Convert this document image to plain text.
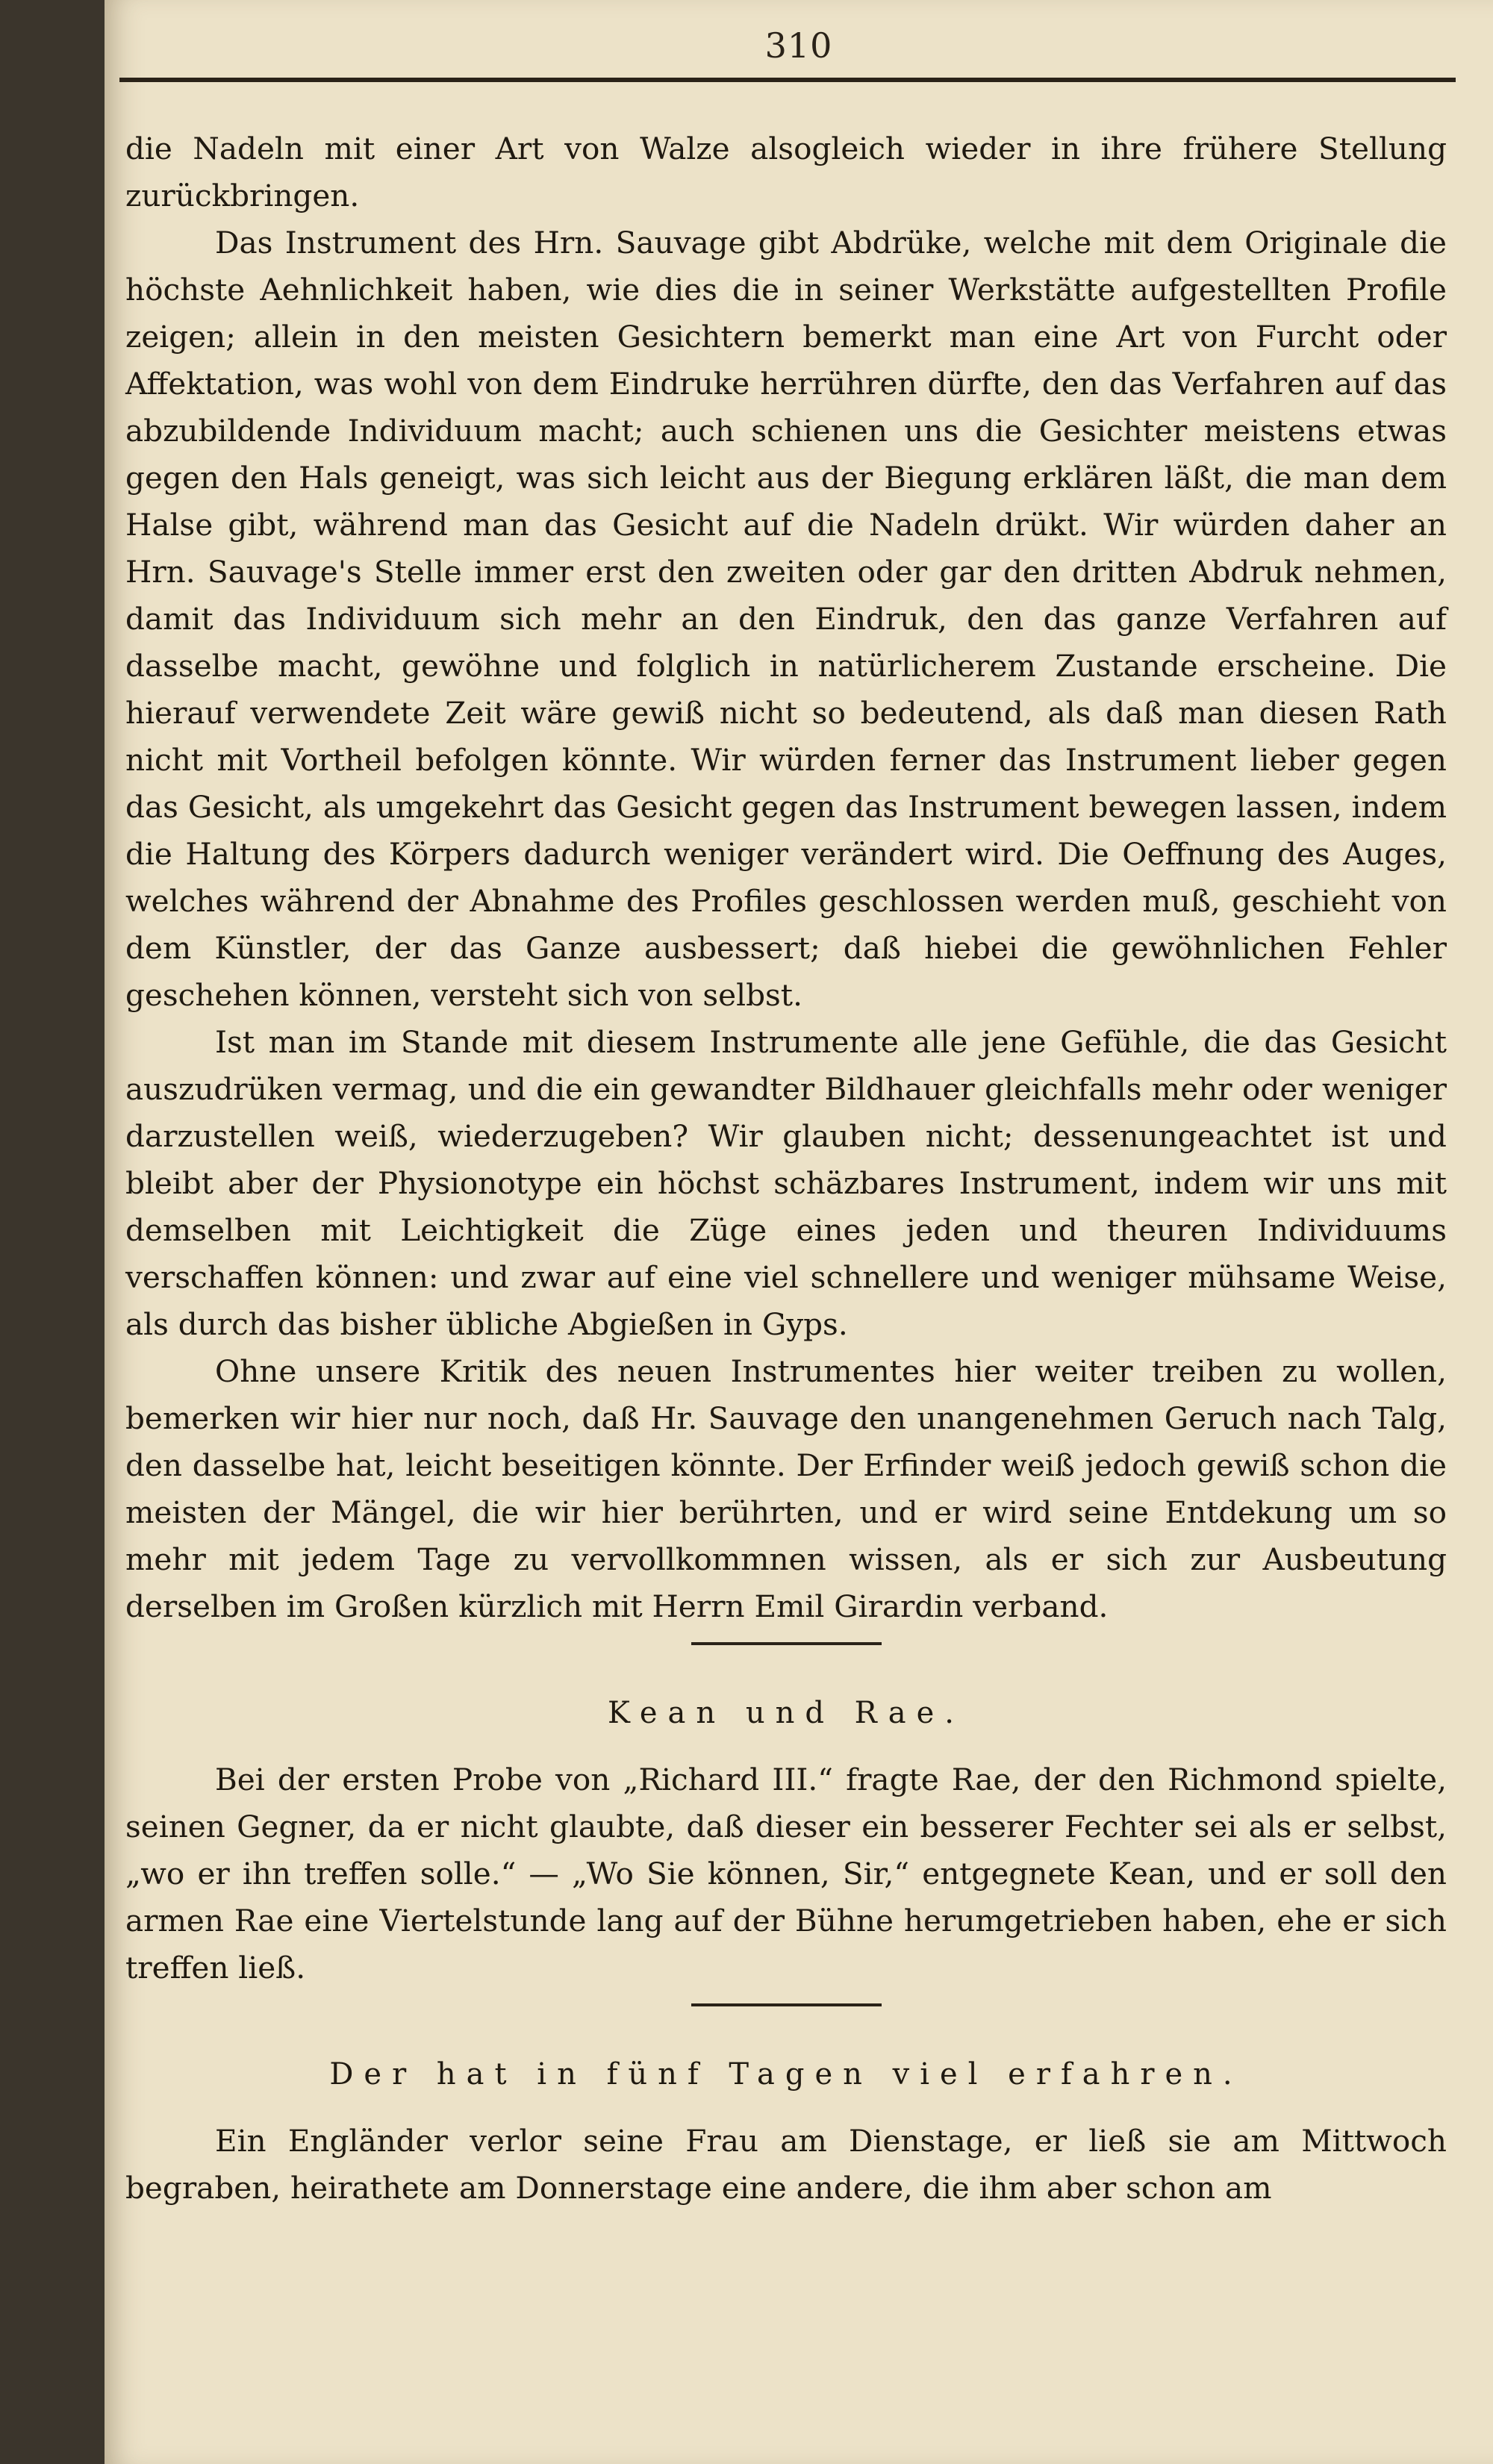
310

die Nadeln mit einer Art von Walze alsogleich wieder in ihre frühere Stellung zurückbringen.

Das Instrument des Hrn. Sauvage gibt Abdrüke, welche mit dem Originale die höchste Aehnlichkeit haben, wie dies die in seiner Werkstätte aufgestellten Profile zeigen; allein in den meisten Gesichtern bemerkt man eine Art von Furcht oder Affektation, was wohl von dem Eindruke herrühren dürfte, den das Verfahren auf das abzubildende Individuum macht; auch schienen uns die Gesichter meistens etwas gegen den Hals geneigt, was sich leicht aus der Biegung erklären läßt, die man dem Halse gibt, während man das Gesicht auf die Nadeln drükt. Wir würden daher an Hrn. Sauvage's Stelle immer erst den zweiten oder gar den dritten Abdruk nehmen, damit das Individuum sich mehr an den Eindruk, den das ganze Verfahren auf dasselbe macht, gewöhne und folglich in natürlicherem Zustande erscheine. Die hierauf verwendete Zeit wäre gewiß nicht so bedeutend, als daß man diesen Rath nicht mit Vortheil befolgen könnte. Wir würden ferner das Instrument lieber gegen das Gesicht, als umgekehrt das Gesicht gegen das Instrument bewegen lassen, indem die Haltung des Körpers dadurch weniger verändert wird. Die Oeffnung des Auges, welches während der Abnahme des Profiles geschlossen werden muß, geschieht von dem Künstler, der das Ganze ausbessert; daß hiebei die gewöhnlichen Fehler geschehen können, versteht sich von selbst.

Ist man im Stande mit diesem Instrumente alle jene Gefühle, die das Gesicht auszudrüken vermag, und die ein gewandter Bildhauer gleichfalls mehr oder weniger darzustellen weiß, wiederzugeben? Wir glauben nicht; dessenungeachtet ist und bleibt aber der Physionotype ein höchst schäzbares Instrument, indem wir uns mit demselben mit Leichtigkeit die Züge eines jeden und theuren Individuums verschaffen können: und zwar auf eine viel schnellere und weniger mühsame Weise, als durch das bisher übliche Abgießen in Gyps.

Ohne unsere Kritik des neuen Instrumentes hier weiter treiben zu wollen, bemerken wir hier nur noch, daß Hr. Sauvage den unangenehmen Geruch nach Talg, den dasselbe hat, leicht beseitigen könnte. Der Erfinder weiß jedoch gewiß schon die meisten der Mängel, die wir hier berührten, und er wird seine Entdekung um so mehr mit jedem Tage zu vervollkommnen wissen, als er sich zur Ausbeutung derselben im Großen kürzlich mit Herrn Emil Girardin verband.

Kean und Rae.

Bei der ersten Probe von „Richard III.“ fragte Rae, der den Richmond spielte, seinen Gegner, da er nicht glaubte, daß dieser ein besserer Fechter sei als er selbst, „wo er ihn treffen solle.“ — „Wo Sie können, Sir,“ entgegnete Kean, und er soll den armen Rae eine Viertelstunde lang auf der Bühne herumgetrieben haben, ehe er sich treffen ließ.

Der hat in fünf Tagen viel erfahren.

Ein Engländer verlor seine Frau am Dienstage, er ließ sie am Mittwoch begraben, heirathete am Donnerstage eine andere, die ihm aber schon am
